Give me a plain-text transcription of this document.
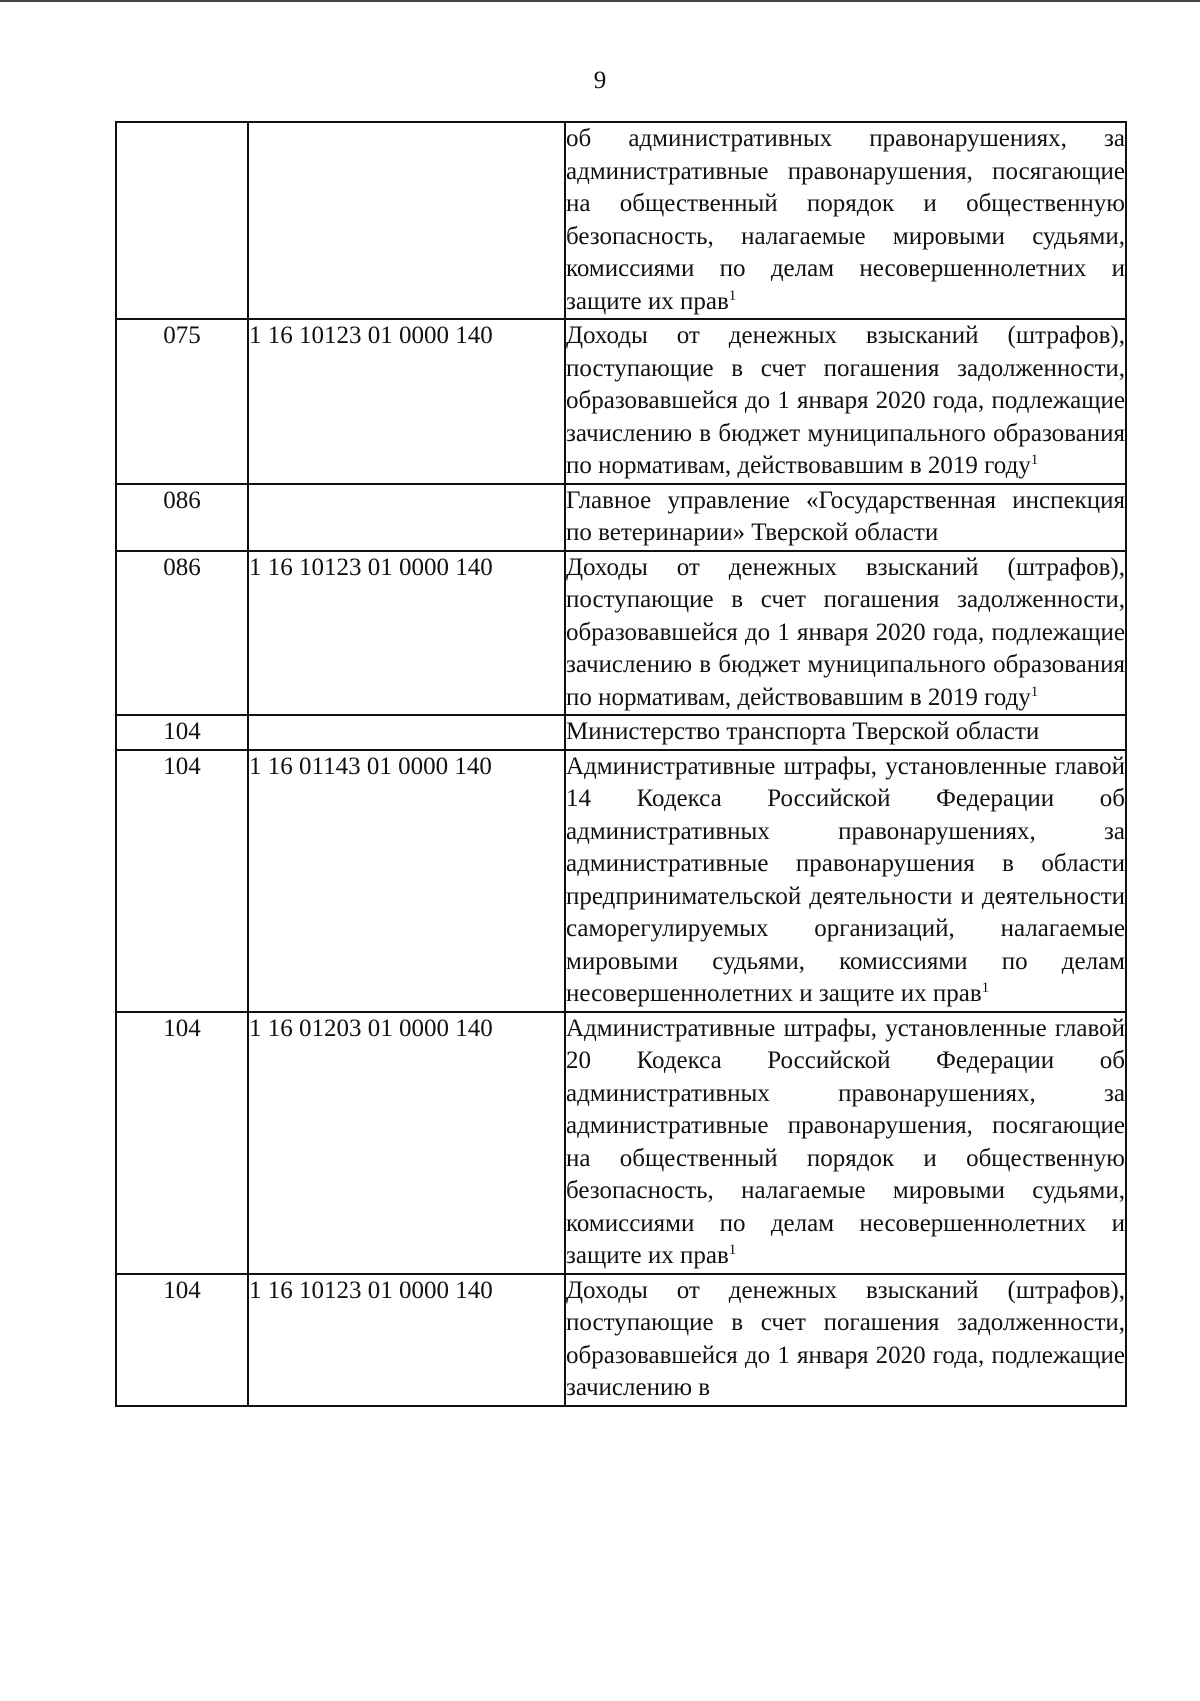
9
		об административных правонарушениях, за административные правонарушения, посягающие на общественный порядок и общественную безопасность, налагаемые мировыми судьями, комиссиями по делам несовершеннолетних и защите их прав$^1$
075	1 16 10123 01 0000 140	Доходы от денежных взысканий (штрафов), поступающие в счет погашения задолженности, образовавшейся до 1 января 2020 года, подлежащие зачислению в бюджет муниципального образования по нормативам, действовавшим в 2019 году$^1$
086		Главное управление «Государственная инспекция по ветеринарии» Тверской области
086	1 16 10123 01 0000 140	Доходы от денежных взысканий (штрафов), поступающие в счет погашения задолженности, образовавшейся до 1 января 2020 года, подлежащие зачислению в бюджет муниципального образования по нормативам, действовавшим в 2019 году$^1$
104		Министерство транспорта Тверской области
104	1 16 01143 01 0000 140	Административные штрафы, установленные главой 14 Кодекса Российской Федерации об административных правонарушениях, за административные правонарушения в области предпринимательской деятельности и деятельности саморегулируемых организаций, налагаемые мировыми судьями, комиссиями по делам несовершеннолетних и защите их прав$^1$
104	1 16 01203 01 0000 140	Административные штрафы, установленные главой 20 Кодекса Российской Федерации об административных правонарушениях, за административные правонарушения, посягающие на общественный порядок и общественную безопасность, налагаемые мировыми судьями, комиссиями по делам несовершеннолетних и защите их прав$^1$
104	1 16 10123 01 0000 140	Доходы от денежных взысканий (штрафов), поступающие в счет погашения задолженности, образовавшейся до 1 января 2020 года, подлежащие зачислению в
